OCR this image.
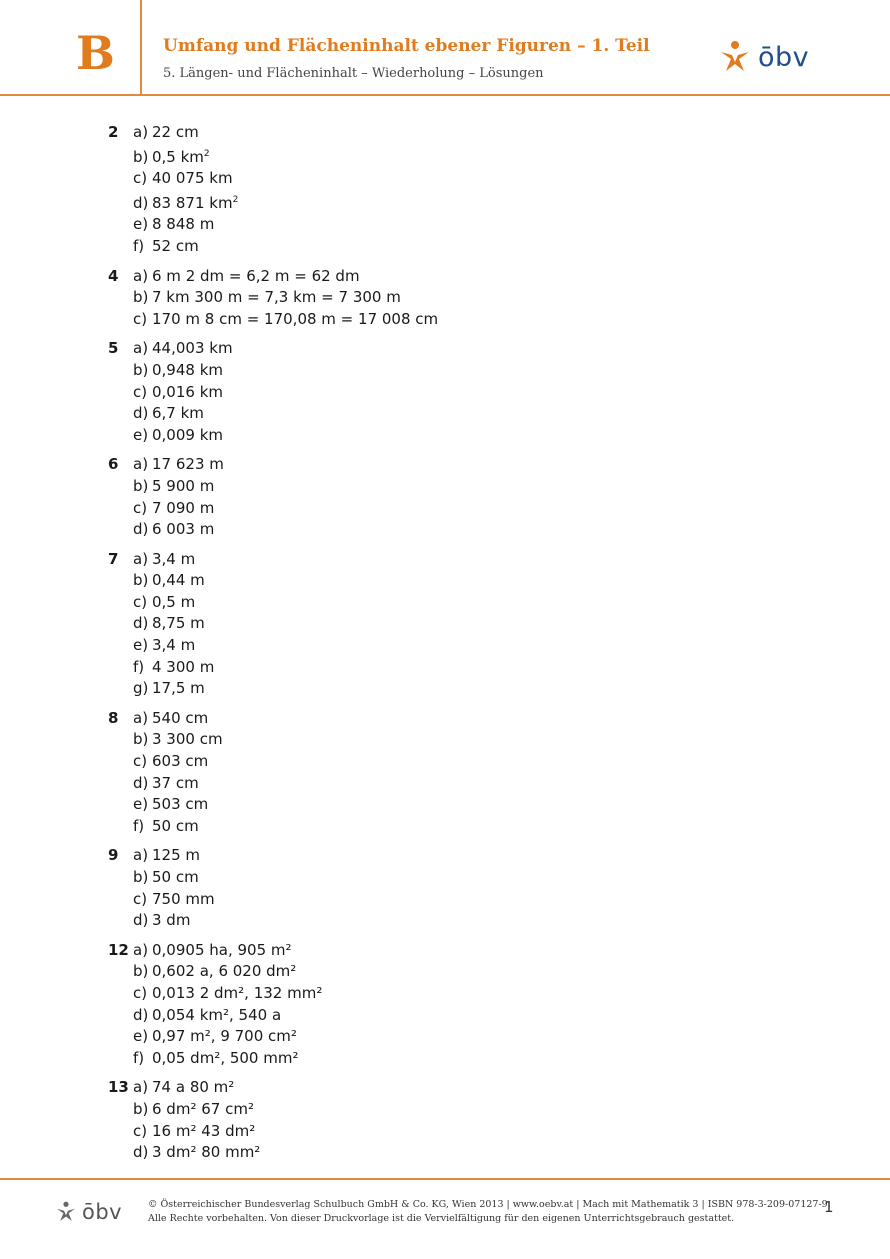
B	Umfang und Flächeninhalt ebener Figuren – 1. Teil
5. Längen- und Flächeninhalt – Wiederholung – Lösungen
ōbv
2 a) 22 cm
b) 0,5 $km^2$
c) 40 075 km
d) 83 871 $km^2$
e) 8 848 m
f) 52 cm
4 a) 6 m 2 dm = 6,2 m = 62 dm
b) 7 km 300 m = 7,3 km = 7 300 m
c) 170 m 8 cm = 170,08 m = 17 008 cm
5 a) 44,003 km
b) 0,948 km
c) 0,016 km
d) 6,7 km
e) 0,009 km
6 a) 17 623 m
b) 5 900 m
c) 7 090 m
d) 6 003 m
7 a) 3,4 m
b) 0,44 m
c) 0,5 m
d) 8,75 m
e) 3,4 m
f) 4 300 m
g) 17,5 m
8 a) 540 cm
b) 3 300 cm
c) 603 cm
d) 37 cm
e) 503 cm
f) 50 cm
9 a) 125 m
b) 50 cm
c) 750 mm
d) 3 dm
12 a) 0,0905 ha, 905 m²
b) 0,602 a, 6 020 dm²
c) 0,013 2 dm², 132 mm²
d) 0,054 km², 540 a
e) 0,97 m², 9 700 cm²
f) 0,05 dm², 500 mm²
13 a) 74 a 80 m²
b) 6 dm² 67 cm²
c) 16 m² 43 dm²
d) 3 dm² 80 mm²
ōbv	© Österreichischer Bundesverlag Schulbuch GmbH & Co. KG, Wien 2013 | www.oebv.at | Mach mit Mathematik 3 | ISBN 978-3-209-07127-9
Alle Rechte vorbehalten. Von dieser Druckvorlage ist die Vervielfältigung für den eigenen Unterrichtsgebrauch gestattet.
1
